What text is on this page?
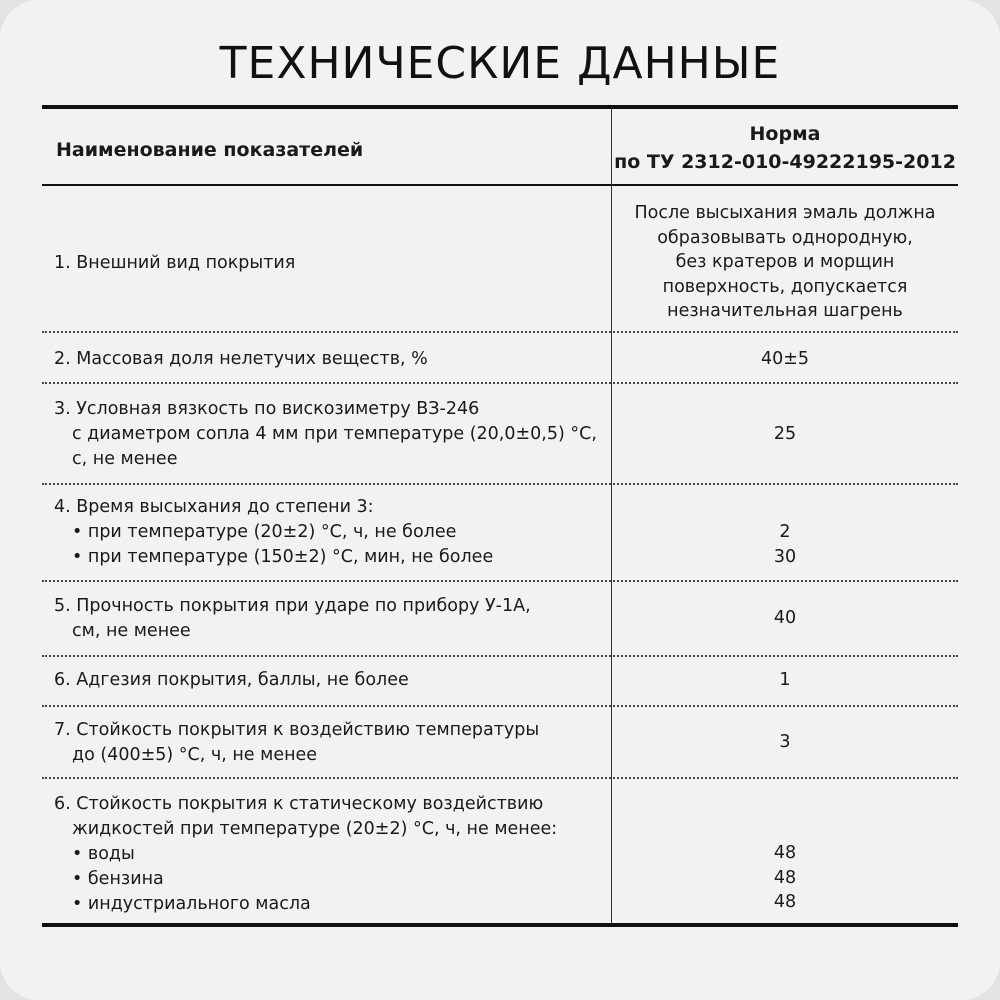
ТЕХНИЧЕСКИЕ ДАННЫЕ
Наименование показателей
Норма
по ТУ 2312-010-49222195-2012
1. Внешний вид покрытия
После высыхания эмаль должна
образовывать однородную,
без кратеров и морщин
поверхность, допускается
незначительная шагрень
2. Массовая доля нелетучих веществ, %	40±5
3. Условная вязкость по вискозиметру ВЗ-246
с диаметром сопла 4 мм при температуре (20,0±0,5) °С,
с, не менее
25
4. Время высыхания до степени 3:
• при температуре (20±2) °С, ч, не более
• при температуре (150±2) °С, мин, не более
2
30
5. Прочность покрытия при ударе по прибору У-1А,
см, не менее
40
6. Адгезия покрытия, баллы, не более	1
7. Стойкость покрытия к воздействию температуры
до (400±5) °С, ч, не менее
3
6. Стойкость покрытия к статическому воздействию
жидкостей при температуре (20±2) °С, ч, не менее:
• воды
• бензина
• индустриального масла
48
48
48
